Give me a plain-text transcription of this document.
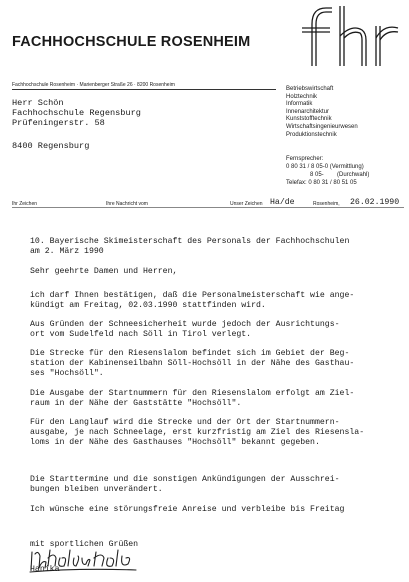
FACHHOCHSCHULE ROSENHEIM
Fachhochschule Rosenheim · Marienberger Straße 26 · 8200 Rosenheim
Herr Schön
Fachhochschule Regensburg
Prüfeningerstr. 58
8400 Regensburg
Betriebswirtschaft
Holztechnik
Informatik
Innenarchitektur
Kunststofftechnik
Wirtschaftsingenieurwesen
Produktionstechnik
Fernsprecher:
0 80 31 / 8 05-0 (Vermittlung)
8 05-        (Durchwahl)
Telefax: 0 80 31 / 80 51 05
Ihr Zeichen	Ihre Nachricht vom	Unser Zeichen Ha/de	Rosenheim, 26.02.1990
10. Bayerische Skimeisterschaft des Personals der Fachhochschulen
am 2. März 1990
Sehr geehrte Damen und Herren,
ich darf Ihnen bestätigen, daß die Personalmeisterschaft wie ange-
kündigt am Freitag, 02.03.1990 stattfinden wird.
Aus Gründen der Schneesicherheit wurde jedoch der Ausrichtungs-
ort vom Sudelfeld nach Söll in Tirol verlegt.
Die Strecke für den Riesenslalom befindet sich im Gebiet der Beg-
station der Kabinenseilbahn Söll-Hochsöll in der Nähe des Gasthau-
ses "Hochsöll".
Die Ausgabe der Startnummern für den Riesenslalom erfolgt am Ziel-
raum in der Nähe der Gaststätte "Hochsöll".
Für den Langlauf wird die Strecke und der Ort der Startnummern-
ausgabe, je nach Schneelage, erst kurzfristig am Ziel des Riesensla-
loms in der Nähe des Gasthauses "Hochsöll" bekannt gegeben.
Die Starttermine und die sonstigen Ankündigungen der Ausschrei-
bungen bleiben unverändert.
Ich wünsche eine störungsfreie Anreise und verbleibe bis Freitag
mit sportlichen Grüßen
Hanika
